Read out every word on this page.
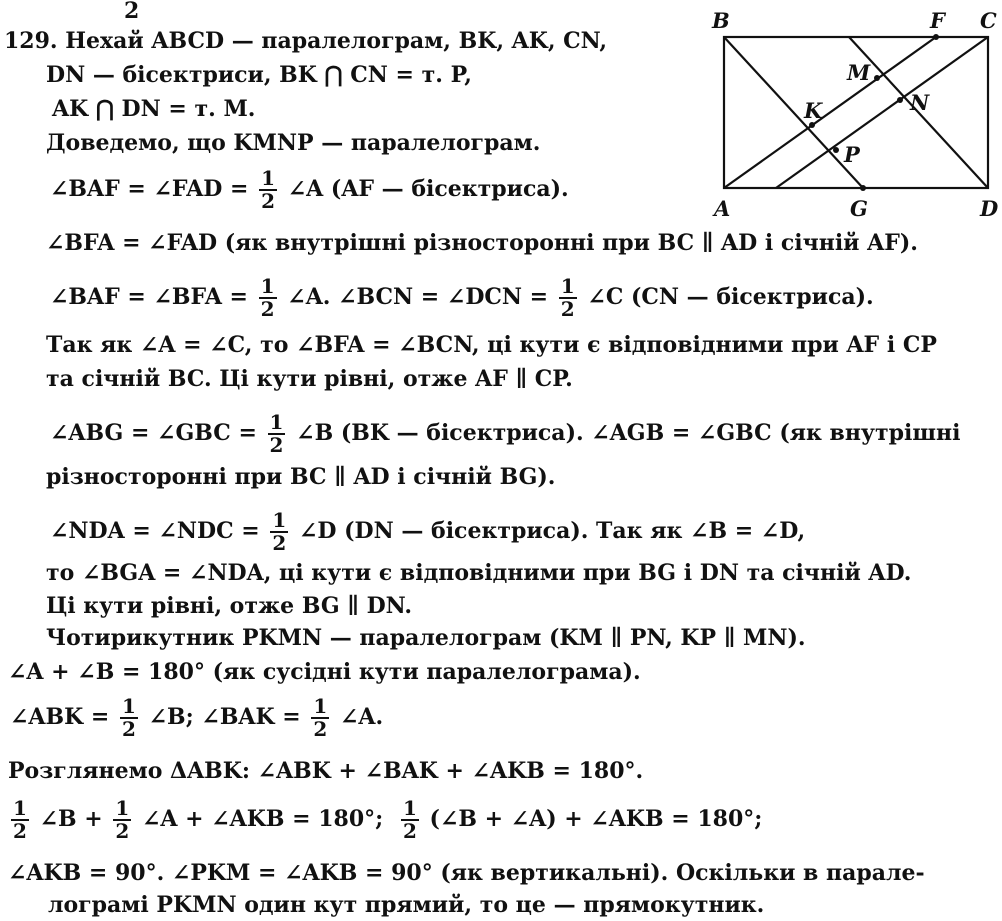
2
129. Нехай ABCD — паралелограм, BK, AK, CN,
DN — бісектриси, BK ⋂ CN = т. P,
AK ⋂ DN = т. M.
Доведемо, що KMNP — паралелограм.
∠BAF = ∠FAD = $\frac{1}{2}$ ∠A (AF — бісектриса).
∠BFA = ∠FAD (як внутрішні різносторонні при BC ∥ AD і січній AF).
∠BAF = ∠BFA = $\frac{1}{2}$ ∠A. ∠BCN = ∠DCN = $\frac{1}{2}$ ∠C (CN — бісектриса).
Так як ∠A = ∠C, то ∠BFA = ∠BCN, ці кути є відповідними при AF і CP
та січній BC. Ці кути рівні, отже AF ∥ CP.
∠ABG = ∠GBC = $\frac{1}{2}$ ∠B (BK — бісектриса). ∠AGB = ∠GBC (як внутрішні
різносторонні при BC ∥ AD і січній BG).
∠NDA = ∠NDC = $\frac{1}{2}$ ∠D (DN — бісектриса). Так як ∠B = ∠D,
то ∠BGA = ∠NDA, ці кути є відповідними при BG і DN та січній AD.
Ці кути рівні, отже BG ∥ DN.
Чотирикутник PKMN — паралелограм (KM ∥ PN, KP ∥ MN).
∠A + ∠B = 180° (як сусідні кути паралелограма).
∠ABK = $\frac{1}{2}$ ∠B; ∠BAK = $\frac{1}{2}$ ∠A.
Розглянемо ΔABK: ∠ABK + ∠BAK + ∠AKB = 180°.
$\frac{1}{2}$ ∠B + $\frac{1}{2}$ ∠A + ∠AKB = 180°; $\frac{1}{2}$ (∠B + ∠A) + ∠AKB = 180°;
∠AKB = 90°. ∠PKM = ∠AKB = 90° (як вертикальні). Оскільки в парале-
лограмі PKMN один кут прямий, то це — прямокутник.
B	F C
M
N
K
P
A	G	D
